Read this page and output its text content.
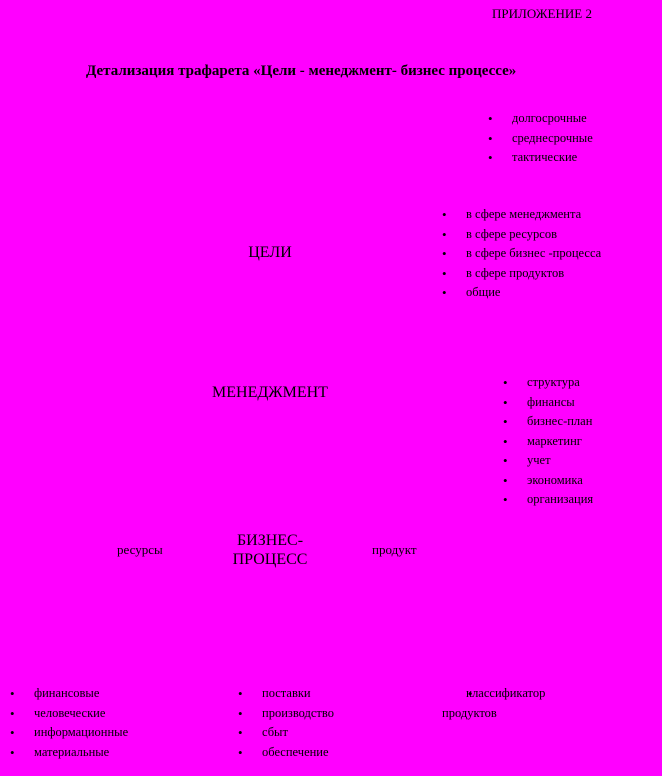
ПРИЛОЖЕНИЕ 2
Детализация трафарета «Цели - менеджмент- бизнес процессе»
ЦЕЛИ
МЕНЕДЖМЕНТ
БИЗНЕС-
ПРОЦЕСС
ресурсы	продукт
• долгосрочные
• среднесрочные
• тактические
• в сфере менеджмента
• в сфере ресурсов
• в сфере бизнес -процесса
• в сфере продуктов
• общие
• структура
• финансы
• бизнес-план
• маркетинг
• учет
• экономика
• организация
• финансовые
• человеческие
• информационные
• материальные
• поставки
• производство
• сбыт
• обеспечение
• классификатор продуктов
